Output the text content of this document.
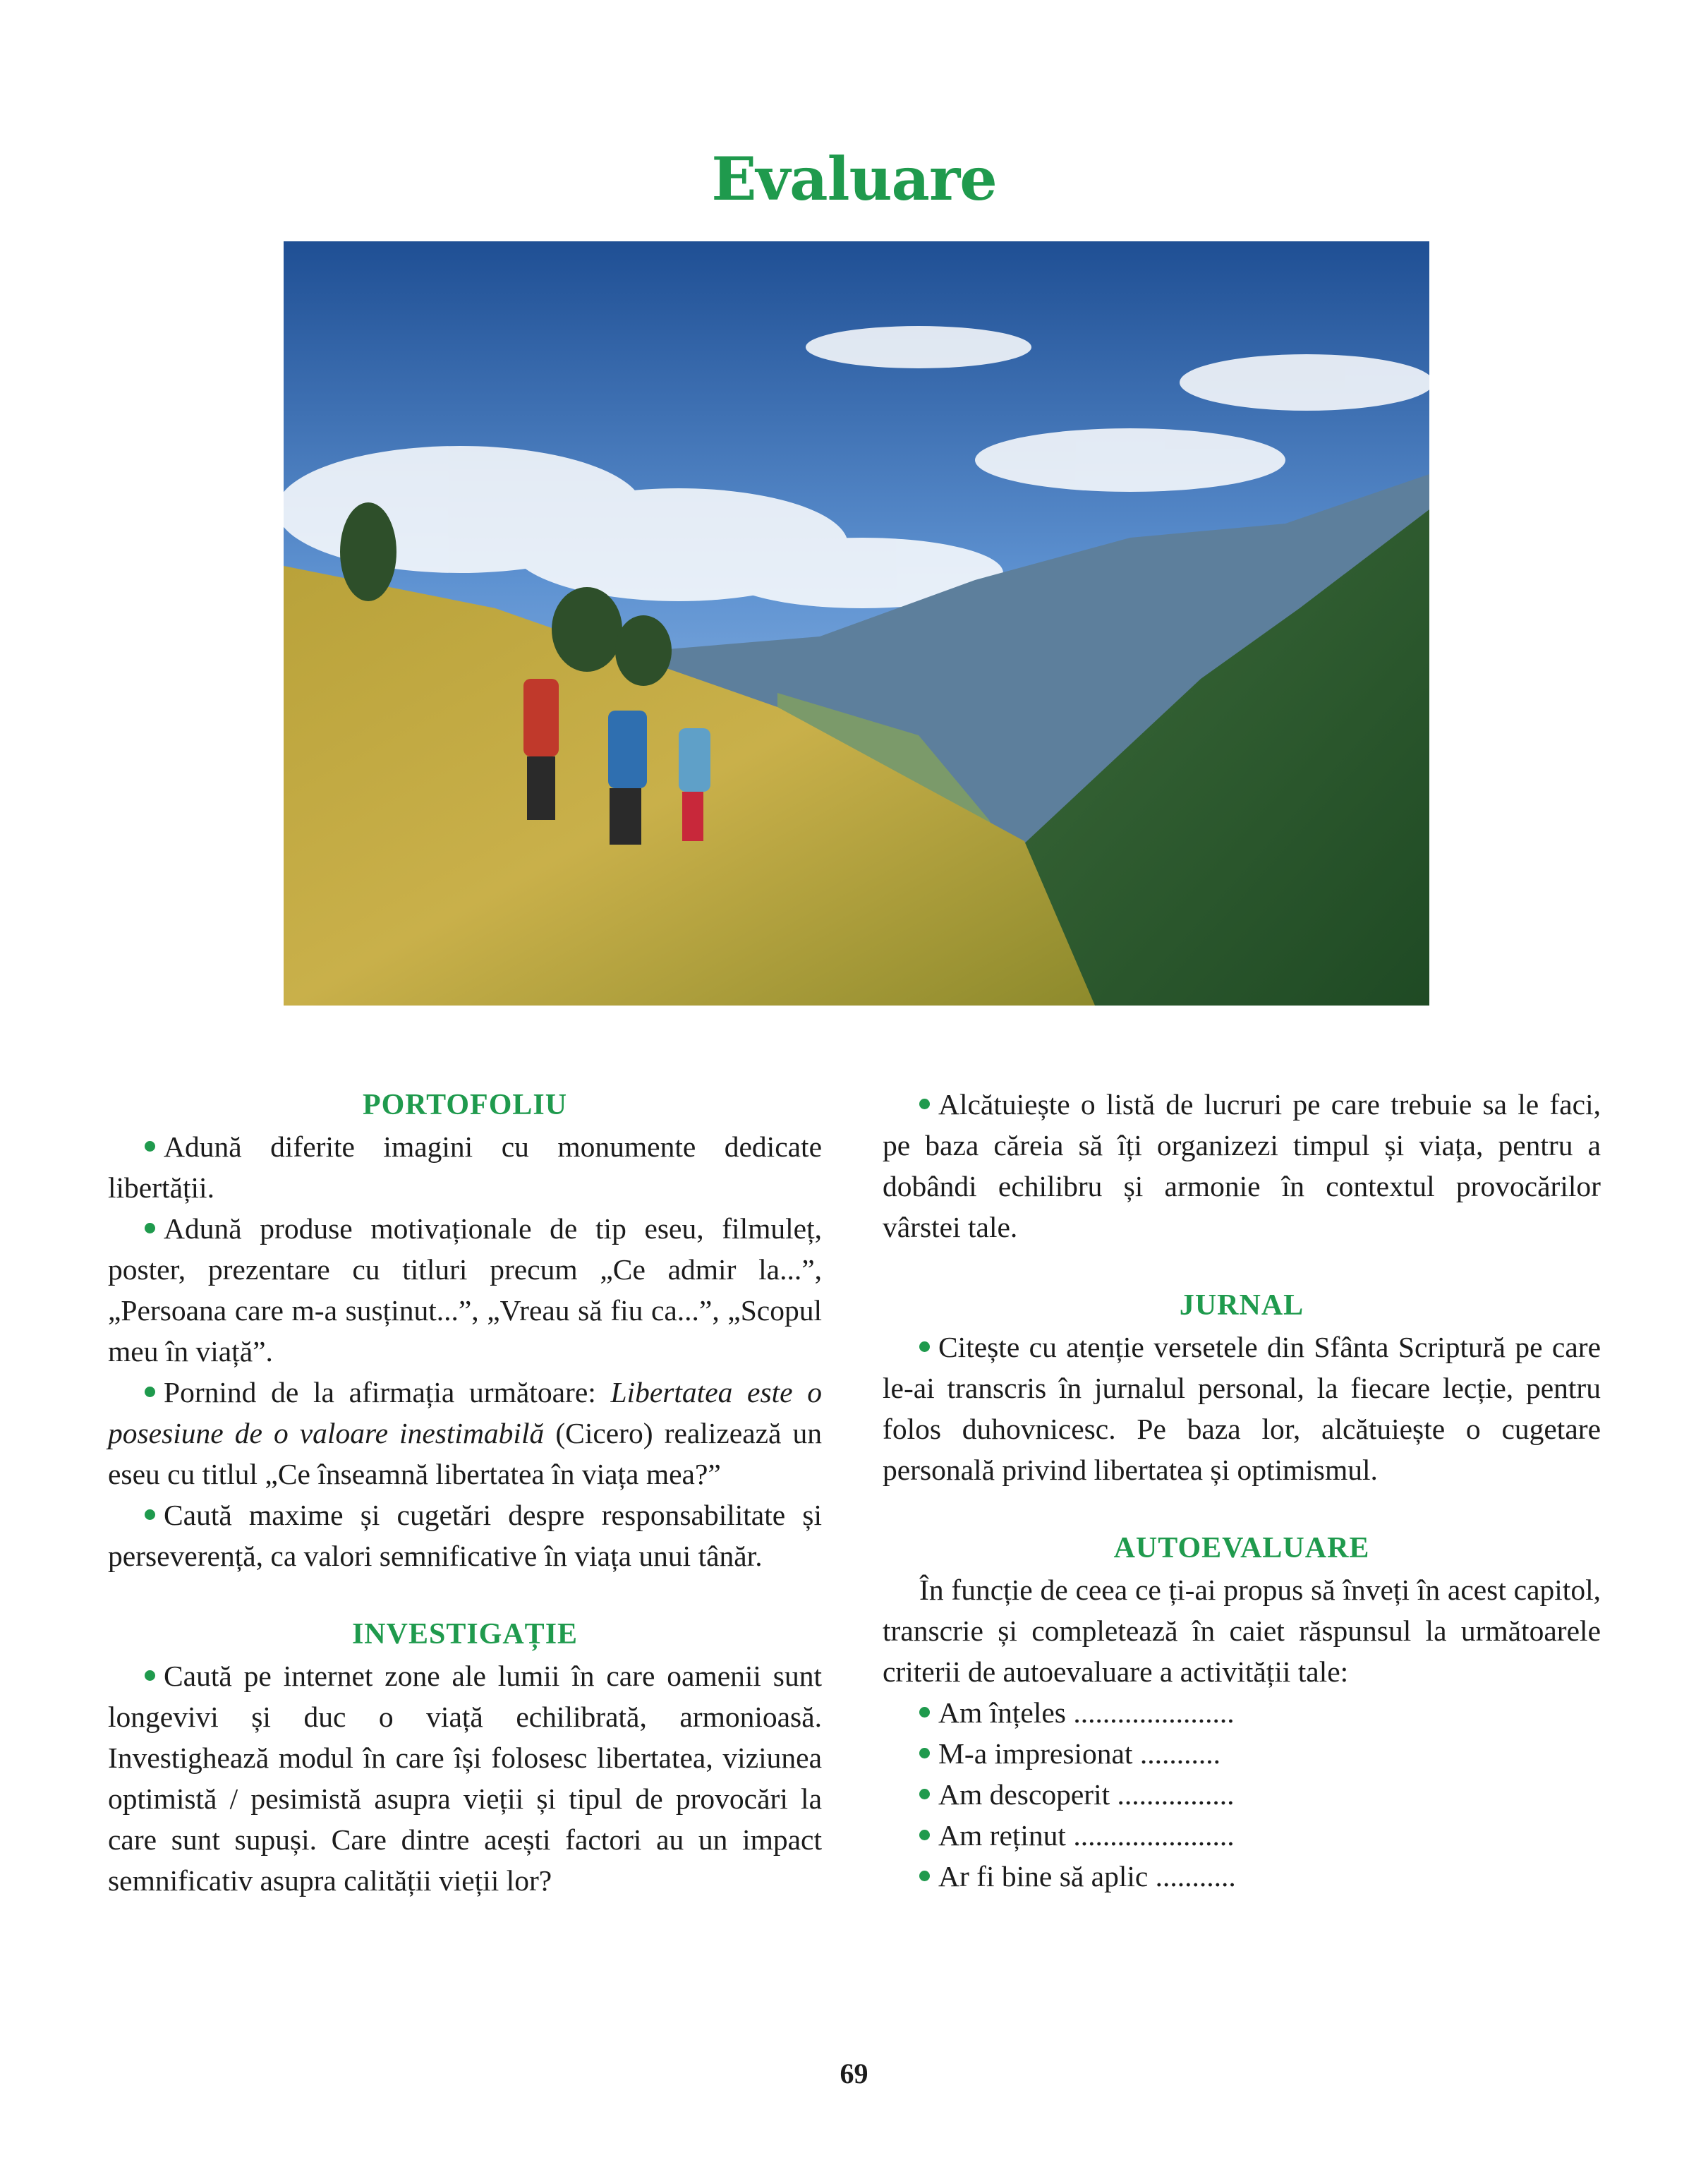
Evaluare
PORTOFOLIU

Adună diferite imagini cu monumente dedicate libertății.

Adună produse motivaționale de tip eseu, filmuleț, poster, prezentare cu titluri precum „Ce admir la...”, „Persoana care m-a susținut...”, „Vreau să fiu ca...”, „Scopul meu în viață”.

Pornind de la afirmația următoare: Libertatea este o posesiune de o valoare inestimabilă (Cicero) realizează un eseu cu titlul „Ce înseamnă libertatea în viața mea?”

Caută maxime și cugetări despre responsabilitate și perseverență, ca valori semnificative în viața unui tânăr.

INVESTIGAȚIE

Caută pe internet zone ale lumii în care oamenii sunt longevivi și duc o viață echilibrată, armonioasă. Investighează modul în care își folosesc libertatea, viziunea optimistă / pesimistă asupra vieții și tipul de provocări la care sunt supuși. Care dintre acești factori au un impact semnificativ asupra calității vieții lor?

Alcătuiește o listă de lucruri pe care trebuie sa le faci, pe baza căreia să îți organizezi timpul și viața, pentru a dobândi echilibru și armonie în contextul provocărilor vârstei tale.

JURNAL

Citește cu atenție versetele din Sfânta Scriptură pe care le-ai transcris în jurnalul personal, la fiecare lecție, pentru folos duhovnicesc. Pe baza lor, alcătuiește o cugetare personală privind libertatea și optimismul.

AUTOEVALUARE

În funcție de ceea ce ți-ai propus să înveți în acest capitol, transcrie și completează în caiet răspunsul la următoarele criterii de autoevaluare a activității tale:

Am înțeles ......................
M-a impresionat ...........
Am descoperit ................
Am reținut ......................
Ar fi bine să aplic ...........
69
